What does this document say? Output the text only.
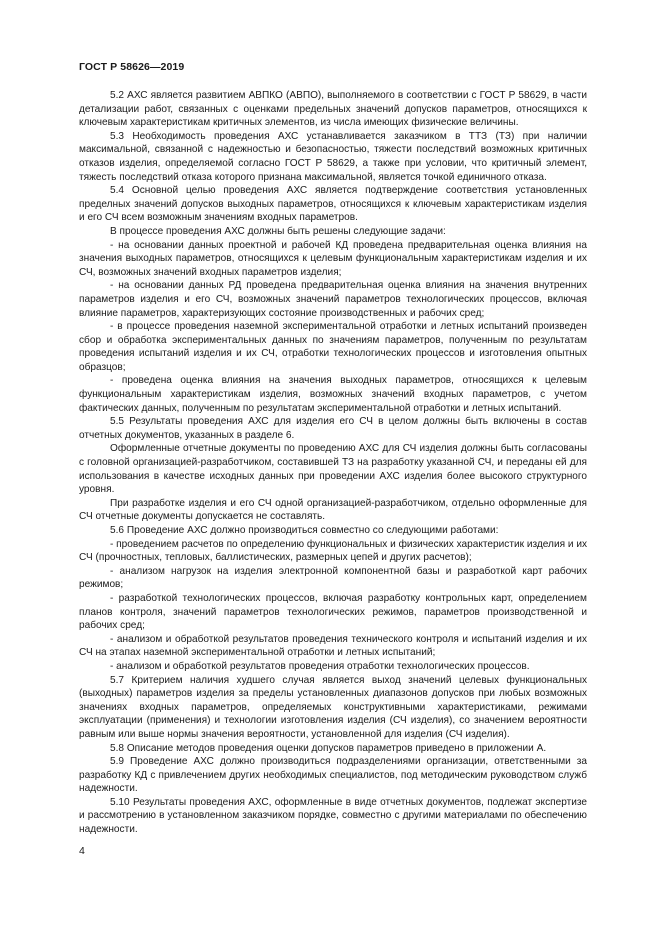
ГОСТ Р 58626—2019

5.2 АХС является развитием АВПКО (АВПО), выполняемого в соответствии с ГОСТ Р 58629, в части детализации работ, связанных с оценками предельных значений допусков параметров, относящихся к ключевым характеристикам критичных элементов, из числа имеющих физические величины.

5.3 Необходимость проведения АХС устанавливается заказчиком в ТТЗ (ТЗ) при наличии максимальной, связанной с надежностью и безопасностью, тяжести последствий возможных критичных отказов изделия, определяемой согласно ГОСТ Р 58629, а также при условии, что критичный элемент, тяжесть последствий отказа которого признана максимальной, является точкой единичного отказа.

5.4 Основной целью проведения АХС является подтверждение соответствия установленных пределных значений допусков выходных параметров, относящихся к ключевым характеристикам изделия и его СЧ всем возможным значениям входных параметров.

В процессе проведения АХС должны быть решены следующие задачи:

- на основании данных проектной и рабочей КД проведена предварительная оценка влияния на значения выходных параметров, относящихся к целевым функциональным характеристикам изделия и их СЧ, возможных значений входных параметров изделия;

- на основании данных РД проведена предварительная оценка влияния на значения внутренних параметров изделия и его СЧ, возможных значений параметров технологических процессов, включая влияние параметров, характеризующих состояние производственных и рабочих сред;

- в процессе проведения наземной экспериментальной отработки и летных испытаний произведен сбор и обработка экспериментальных данных по значениям параметров, полученным по результатам проведения испытаний изделия и их СЧ, отработки технологических процессов и изготовления опытных образцов;

- проведена оценка влияния на значения выходных параметров, относящихся к целевым функциональным характеристикам изделия, возможных значений входных параметров, с учетом фактических данных, полученным по результатам экспериментальной отработки и летных испытаний.

5.5 Результаты проведения АХС для изделия его СЧ в целом должны быть включены в состав отчетных документов, указанных в разделе 6.

Оформленные отчетные документы по проведению АХС для СЧ изделия должны быть согласованы с головной организацией-разработчиком, составившей ТЗ на разработку указанной СЧ, и переданы ей для использования в качестве исходных данных при проведении АХС изделия более высокого структурного уровня.

При разработке изделия и его СЧ одной организацией-разработчиком, отдельно оформленные для СЧ отчетные документы допускается не составлять.

5.6 Проведение АХС должно производиться совместно со следующими работами:

- проведением расчетов по определению функциональных и физических характеристик изделия и их СЧ (прочностных, тепловых, баллистических, размерных цепей и других расчетов);

- анализом нагрузок на изделия электронной компонентной базы и разработкой карт рабочих режимов;

- разработкой технологических процессов, включая разработку контрольных карт, определением планов контроля, значений параметров технологических режимов, параметров производственной и рабочих сред;

- анализом и обработкой результатов проведения технического контроля и испытаний изделия и их СЧ на этапах наземной экспериментальной отработки и летных испытаний;

- анализом и обработкой результатов проведения отработки технологических процессов.

5.7 Критерием наличия худшего случая является выход значений целевых функциональных (выходных) параметров изделия за пределы установленных диапазонов допусков при любых возможных значениях входных параметров, определяемых конструктивными характеристиками, режимами эксплуатации (применения) и технологии изготовления изделия (СЧ изделия), со значением вероятности равным или выше нормы значения вероятности, установленной для изделия (СЧ изделия).

5.8 Описание методов проведения оценки допусков параметров приведено в приложении А.

5.9 Проведение АХС должно производиться подразделениями организации, ответственными за разработку КД с привлечением других необходимых специалистов, под методическим руководством служб надежности.

5.10 Результаты проведения АХС, оформленные в виде отчетных документов, подлежат экспертизе и рассмотрению в установленном заказчиком порядке, совместно с другими материалами по обеспечению надежности.

4
